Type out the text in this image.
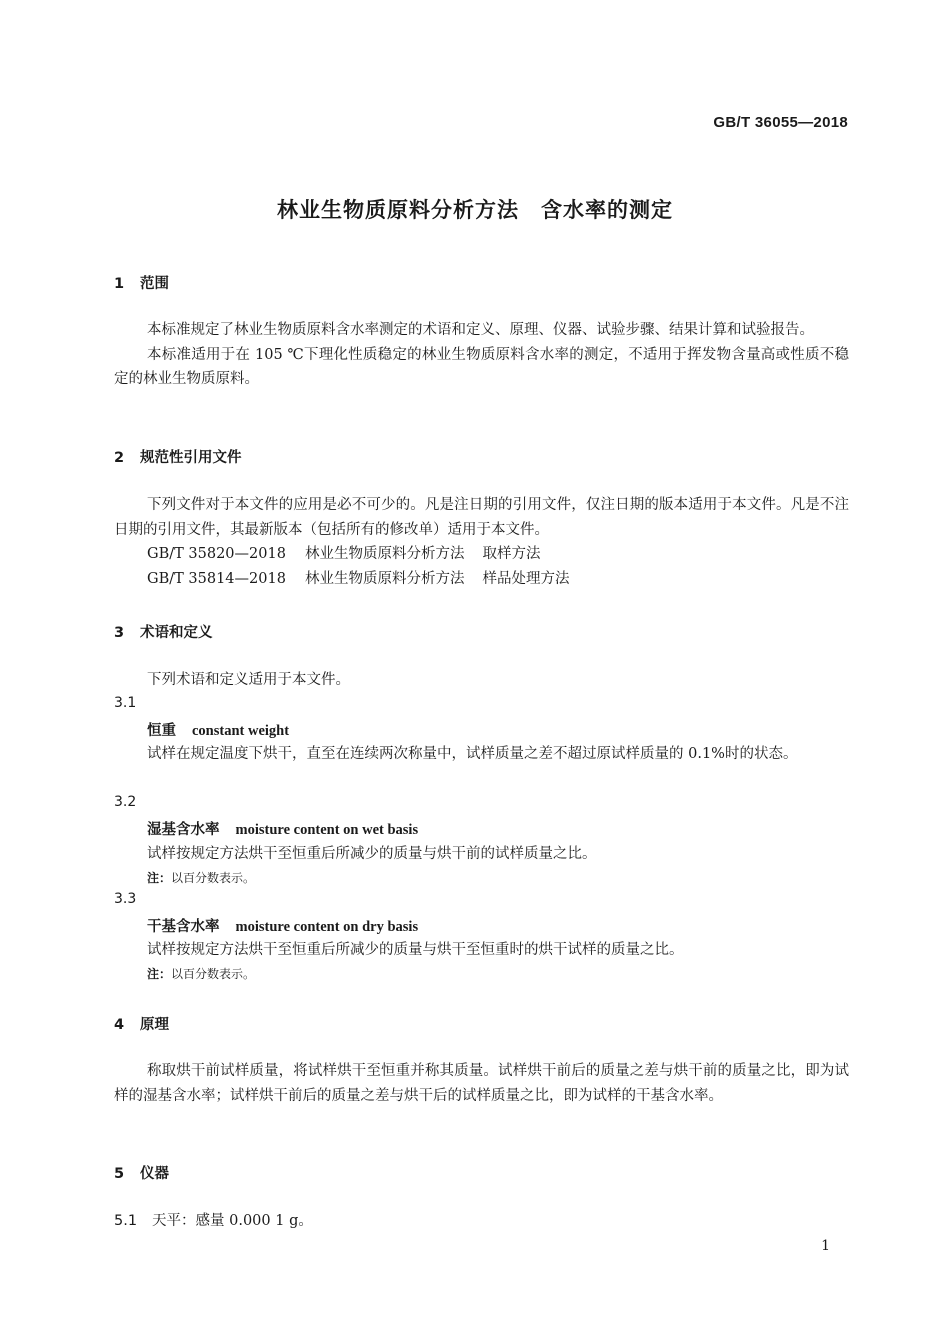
GB/T 36055—2018
林业生物质原料分析方法　含水率的测定
1 范围

本标准规定了林业生物质原料含水率测定的术语和定义、原理、仪器、试验步骤、结果计算和试验报告。

本标准适用于在 105 ℃下理化性质稳定的林业生物质原料含水率的测定，不适用于挥发物含量高或性质不稳定的林业生物质原料。

2 规范性引用文件

下列文件对于本文件的应用是必不可少的。凡是注日期的引用文件，仅注日期的版本适用于本文件。凡是不注日期的引用文件，其最新版本（包括所有的修改单）适用于本文件。

GB/T 35820—2018 林业生物质原料分析方法 取样方法
GB/T 35814—2018 林业生物质原料分析方法 样品处理方法
3 术语和定义

下列术语和定义适用于本文件。

3.1
恒重 constant weight

试样在规定温度下烘干，直至在连续两次称量中，试样质量之差不超过原试样质量的 0.1%时的状态。

3.2
湿基含水率 moisture content on wet basis

试样按规定方法烘干至恒重后所减少的质量与烘干前的试样质量之比。

注：以百分数表示。
3.3
干基含水率 moisture content on dry basis

试样按规定方法烘干至恒重后所减少的质量与烘干至恒重时的烘干试样的质量之比。

注：以百分数表示。
4 原理

称取烘干前试样质量，将试样烘干至恒重并称其质量。试样烘干前后的质量之差与烘干前的质量之比，即为试样的湿基含水率；试样烘干前后的质量之差与烘干后的试样质量之比，即为试样的干基含水率。

5 仪器
5.1 天平：感量 0.000 1 g。
1
